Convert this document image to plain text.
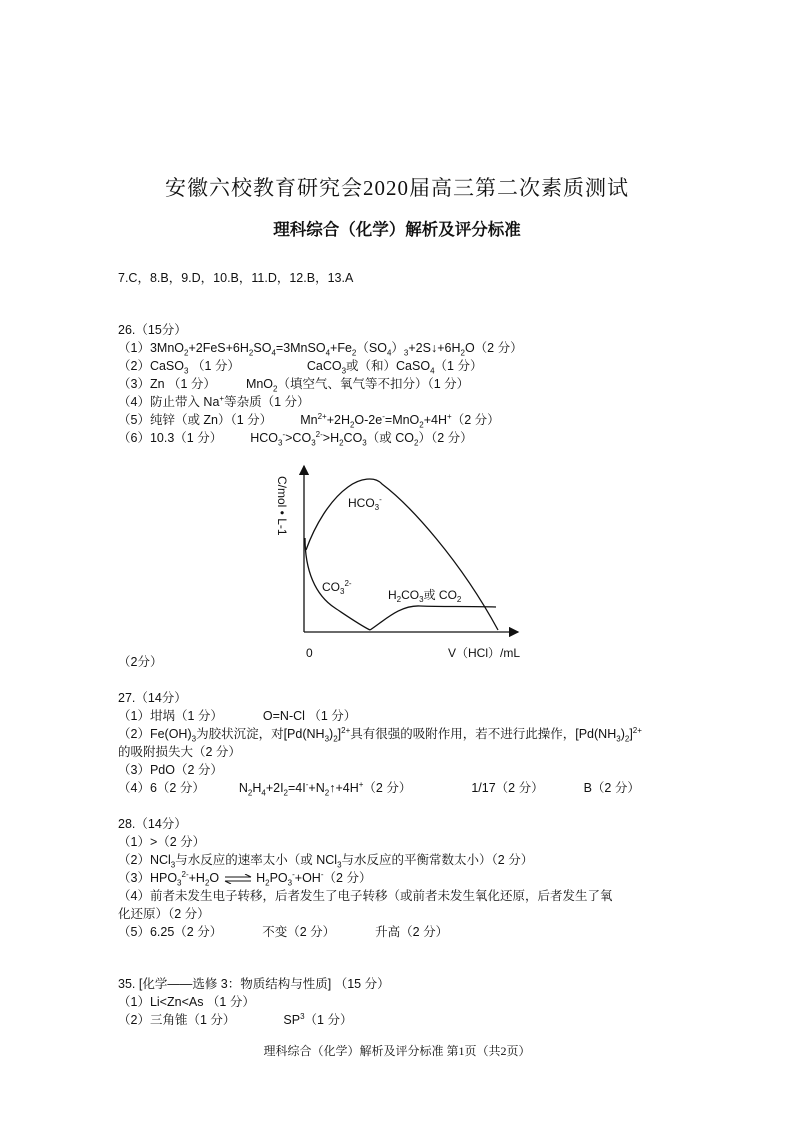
安徽六校教育研究会2020届高三第二次素质测试
理科综合（化学）解析及评分标准
7.C，8.B，9.D，10.B，11.D，12.B，13.A
26.（15分）
$(1)3MnO_2+2FeS+6H_2SO_4=3MnSO_4+Fe_2(SO_4)_3+2S↓+6H_2O(2$ 分）
（2）CaSO$_3$ （1 分）	CaCO$_3$或（和）CaSO$_4$（1 分）
（3）Zn （1 分） MnO$_2$（填空气、氧气等不扣分）（1 分）
（4）防止带入 Na+等杂质（1 分）
（5）纯锌（或 Zn）（1 分） $Mn^{2+}+2H_2O-2e^-=MnO_2+4H^+(2$ 分）
（6）10.3（1 分） $HCO_3^->CO_3^{2-}>H_2CO_3$（或 $CO_2)(2$ 分）
C/mol • L-1	$HCO_3^-$
$CO_3^{2-}$
$H_2CO_3$或 $CO_2$
0	V（HCl）/mL
（2分）
27.（14分）
（1）坩埚（1 分）	O=N-Cl （1 分）
$(2)Fe(OH)_3$为胶状沉淀，对$[Pd(NH_3)_2]^{2+}$具有很强的吸附作用，若不进行此操作，$[Pd(NH_3)_2]^{2+}$
的吸附损失大（2 分）
（3）PdO（2 分）
（4）6（2 分）	$N_2H_4+2I_2=4I^-+N_2↑+4H^+(2$ 分）	1/17（2 分）	B（2 分）
28.（14分）
（1）>（2 分）
（2）NCl$_3$与水反应的速率太小（或 NCl$_3$与水反应的平衡常数太小）（2 分）
$(3)HPO_3^{2-}+H_2O$ ⇌ $H_2PO_3^-+OH^-(2$ 分）
（4）前者未发生电子转移，后者发生了电子转移（或前者未发生氧化还原，后者发生了氧
化还原）（2 分）
（5）6.25（2 分）	不变（2 分）	升高（2 分）
35. [化学——选修 3：物质结构与性质] （15 分）
（1）Li<Zn<As （1 分）
（2）三角锥（1 分）	$SP^3(1$ 分）
理科综合（化学）解析及评分标准 第1页（共2页）
